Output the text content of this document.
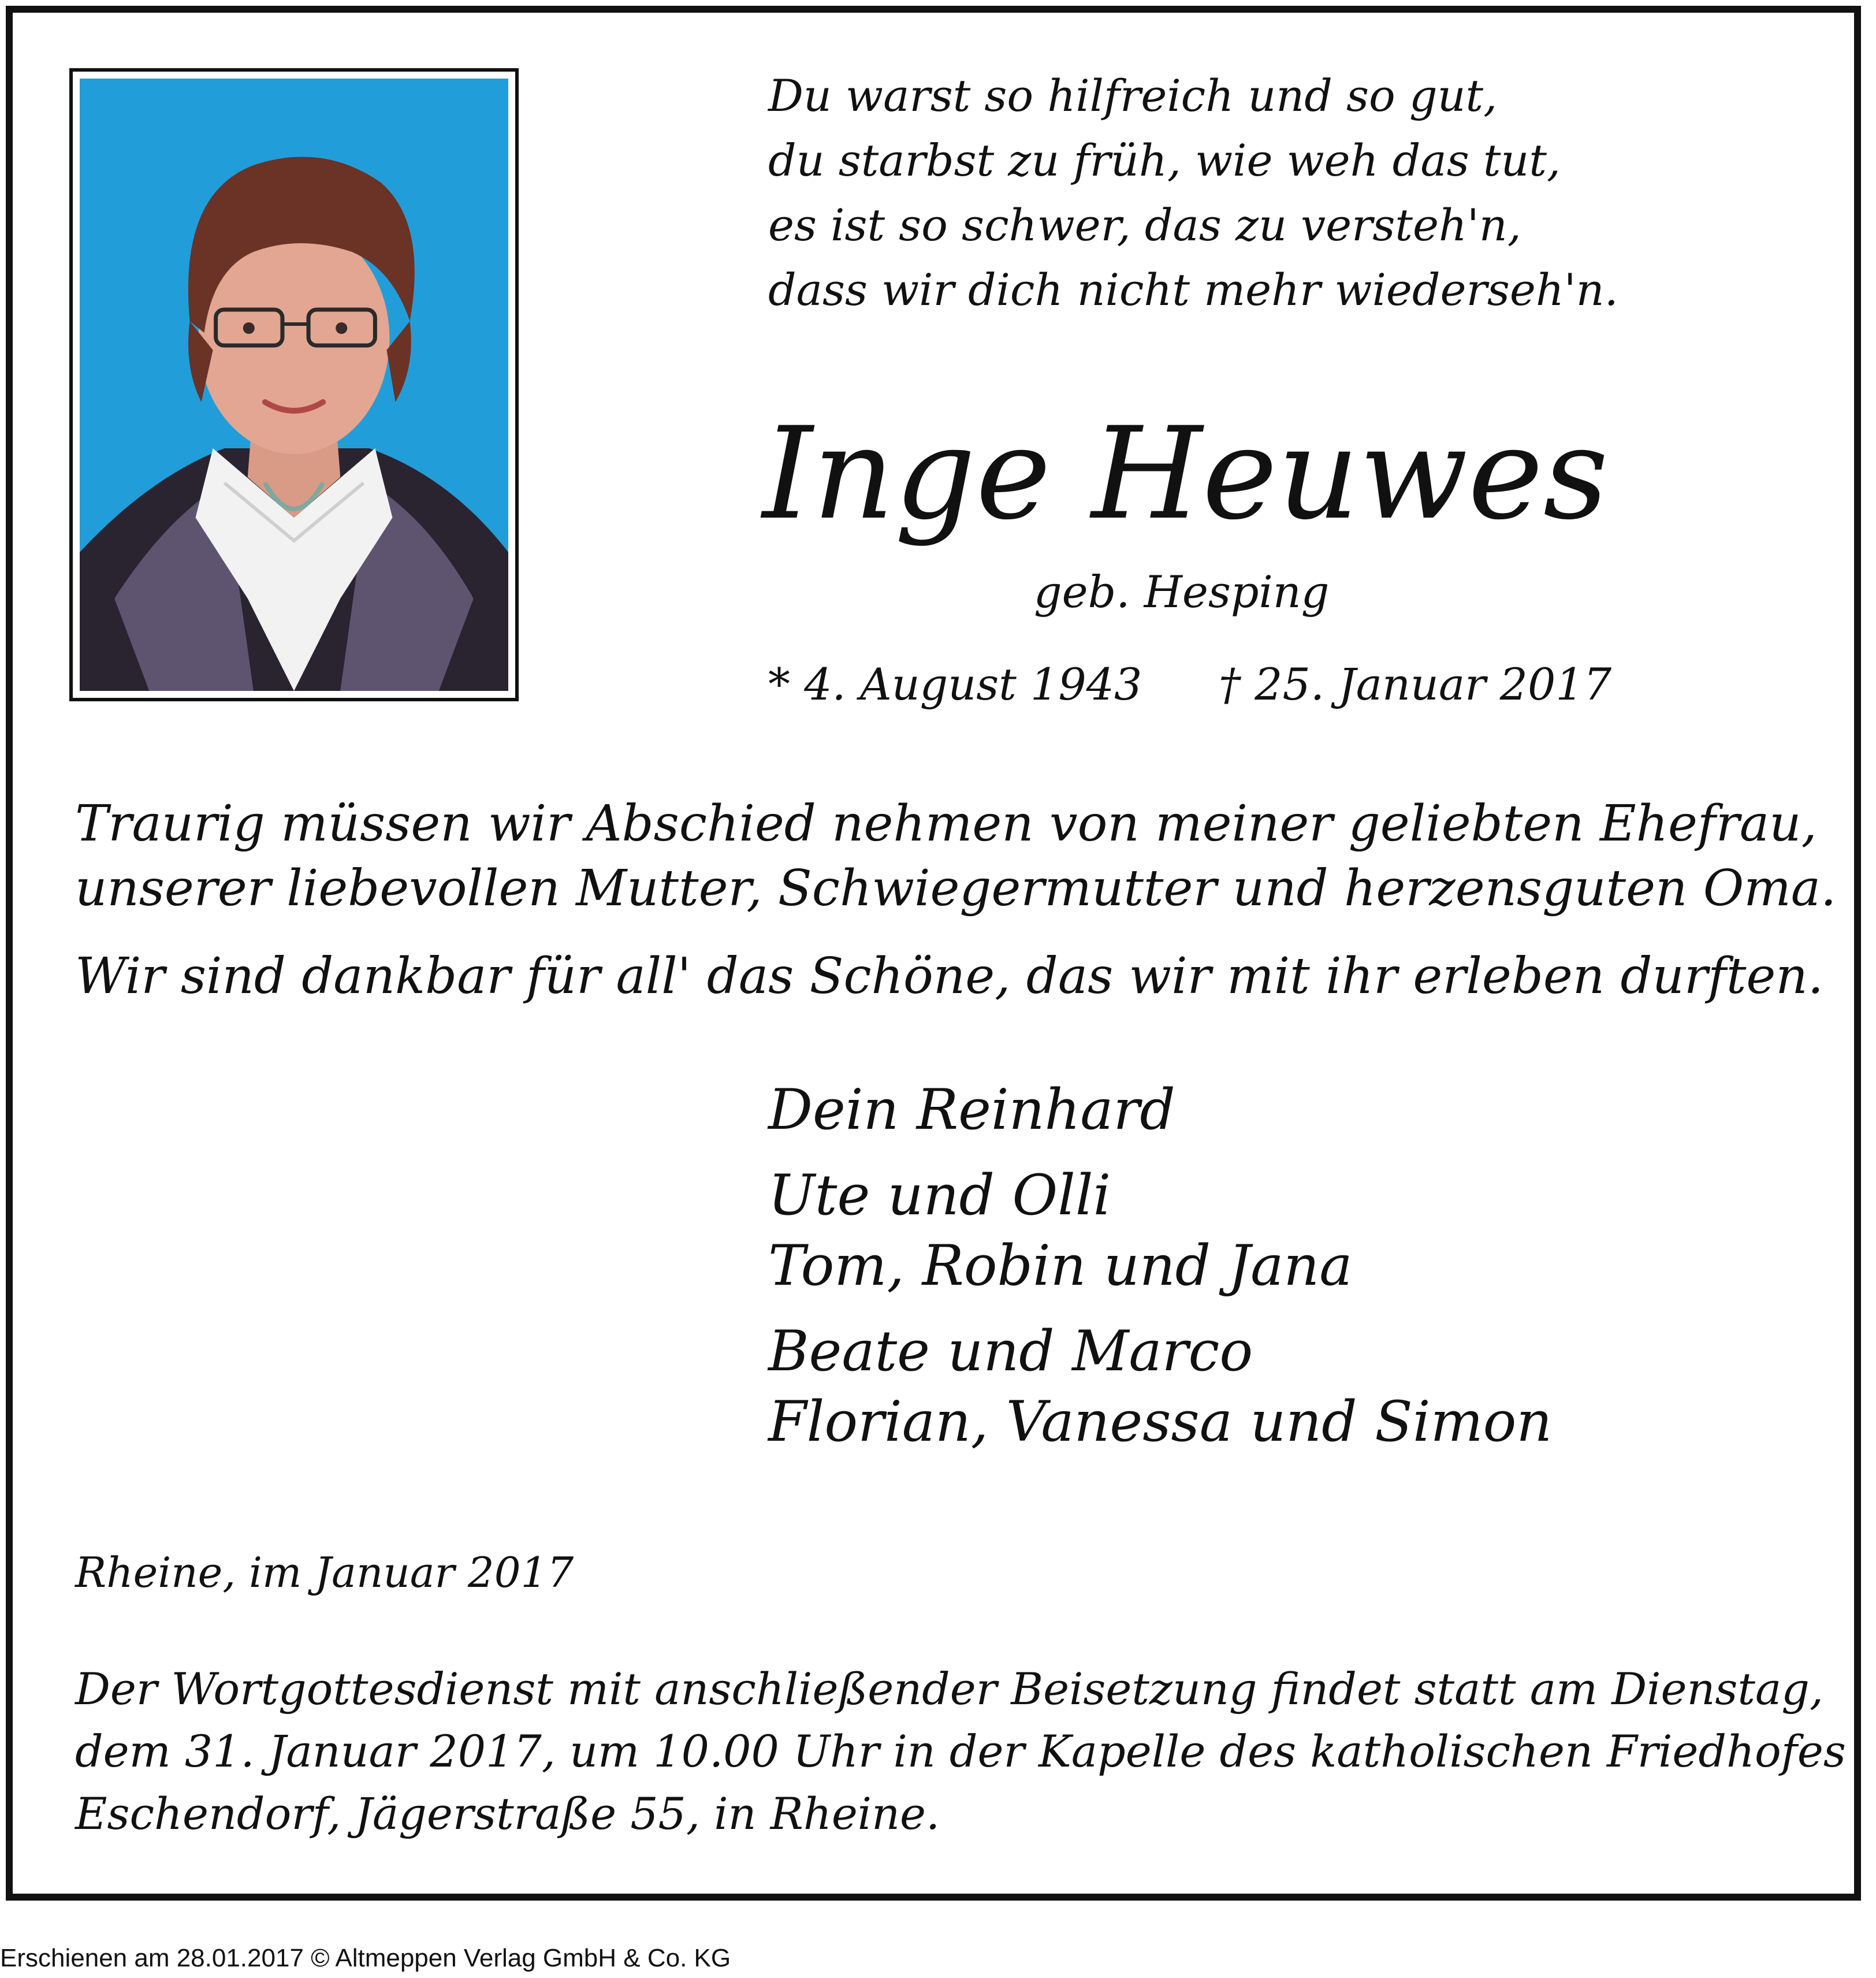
Du warst so hilfreich und so gut,
du starbst zu früh, wie weh das tut,
es ist so schwer, das zu versteh'n,
dass wir dich nicht mehr wiederseh'n.
Inge Heuwes
geb. Hesping
* 4. August 1943 † 25. Januar 2017
Traurig müssen wir Abschied nehmen von meiner geliebten Ehefrau,
unserer liebevollen Mutter, Schwiegermutter und herzensguten Oma.
Wir sind dankbar für all' das Schöne, das wir mit ihr erleben durften.
Dein Reinhard
Ute und Olli
Tom, Robin und Jana
Beate und Marco
Florian, Vanessa und Simon
Rheine, im Januar 2017
Der Wortgottesdienst mit anschließender Beisetzung findet statt am Dienstag,
dem 31. Januar 2017, um 10.00 Uhr in der Kapelle des katholischen Friedhofes
Eschendorf, Jägerstraße 55, in Rheine.
Erschienen am 28.01.2017 © Altmeppen Verlag GmbH & Co. KG
